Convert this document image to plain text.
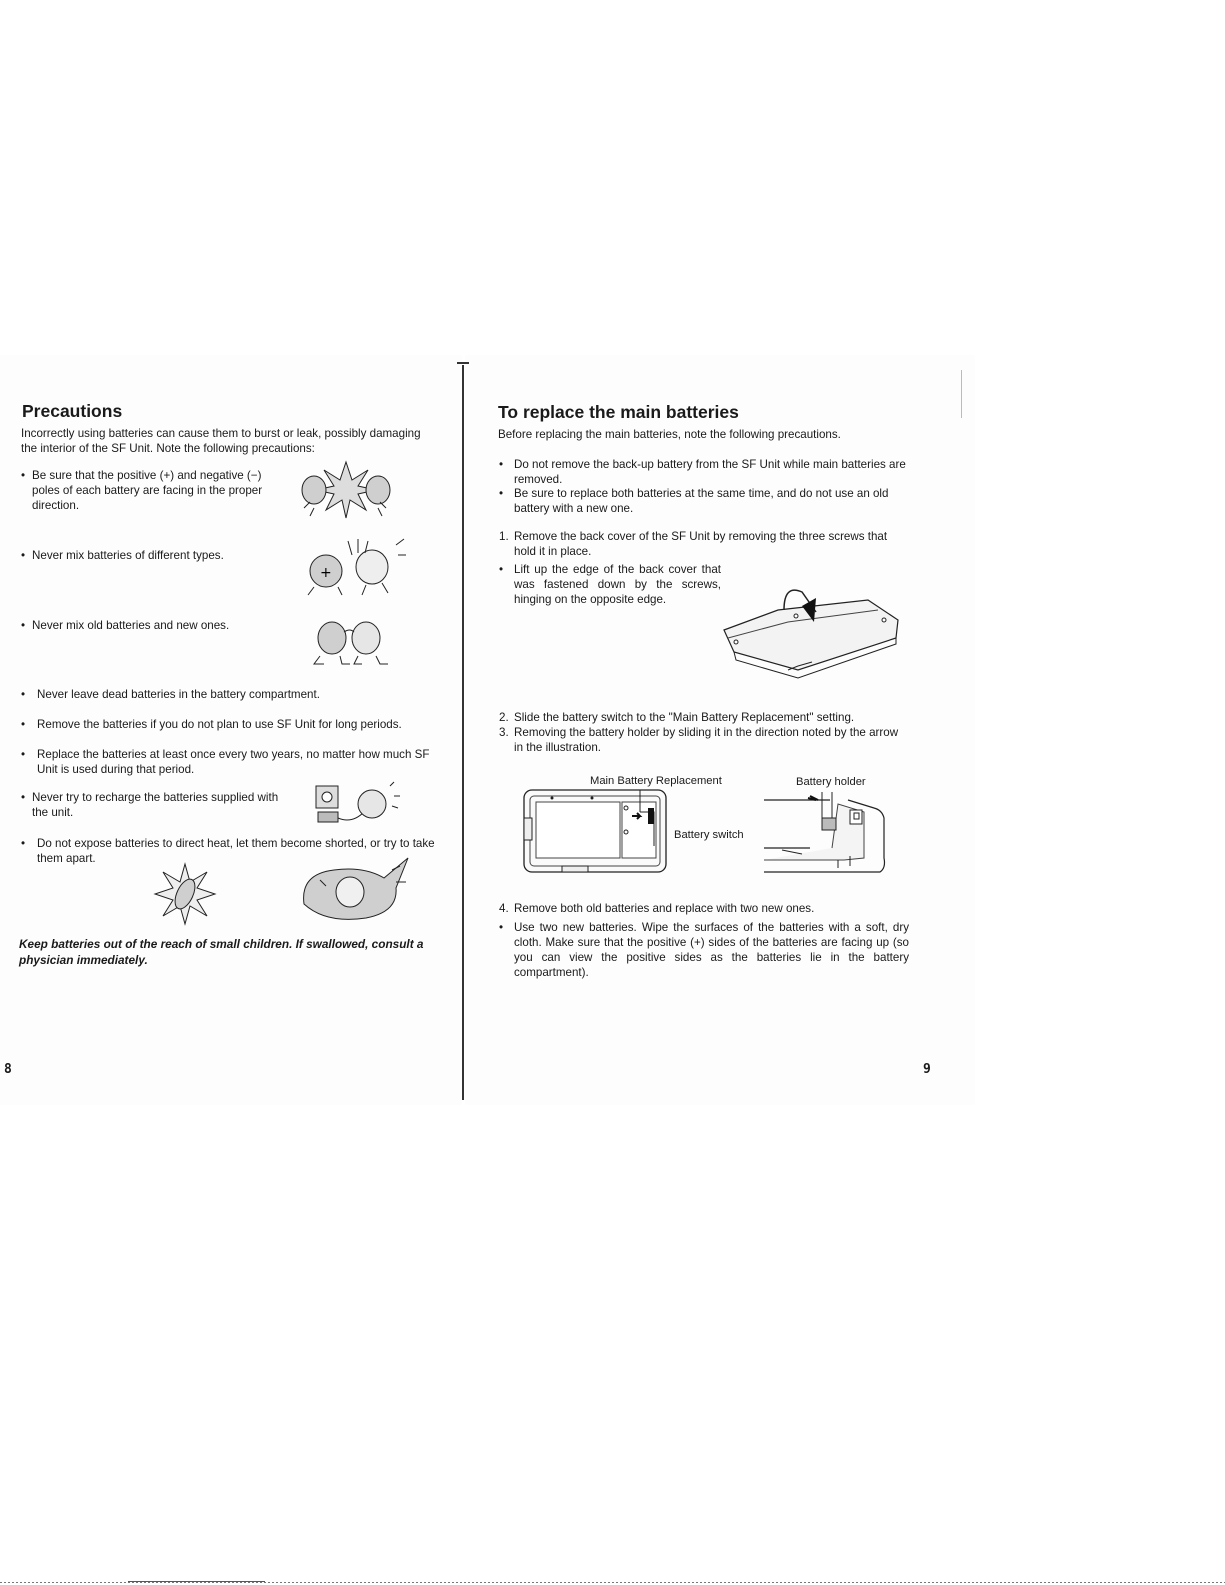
Precautions
Incorrectly using batteries can cause them to burst or leak, possibly damaging the interior of the SF Unit. Note the following precautions:
• Be sure that the positive (+) and negative (−) poles of each battery are facing in the proper direction.
• Never mix batteries of different types.
• Never mix old batteries and new ones.
• Never leave dead batteries in the battery compartment.
• Remove the batteries if you do not plan to use SF Unit for long periods.
• Replace the batteries at least once every two years, no matter how much SF Unit is used during that period.
• Never try to recharge the batteries supplied with the unit.
• Do not expose batteries to direct heat, let them become shorted, or try to take them apart.
Keep batteries out of the reach of small children. If swallowed, consult a physician immediately.
8
+
To replace the main batteries
Before replacing the main batteries, note the following precautions.
• Do not remove the back-up battery from the SF Unit while main batteries are removed.
• Be sure to replace both batteries at the same time, and do not use an old battery with a new one.
1. Remove the back cover of the SF Unit by removing the three screws that hold it in place.
• Lift up the edge of the back cover that was fastened down by the screws, hinging on the opposite edge.
2. Slide the battery switch to the "Main Battery Replacement" setting.
3. Removing the battery holder by sliding it in the direction noted by the arrow in the illustration.
Main Battery Replacement	Battery holder
Battery switch
4. Remove both old batteries and replace with two new ones.
• Use two new batteries. Wipe the surfaces of the batteries with a soft, dry cloth. Make sure that the positive (+) sides of the batteries are facing up (so you can view the positive sides as the batteries lie in the battery compartment).
9
